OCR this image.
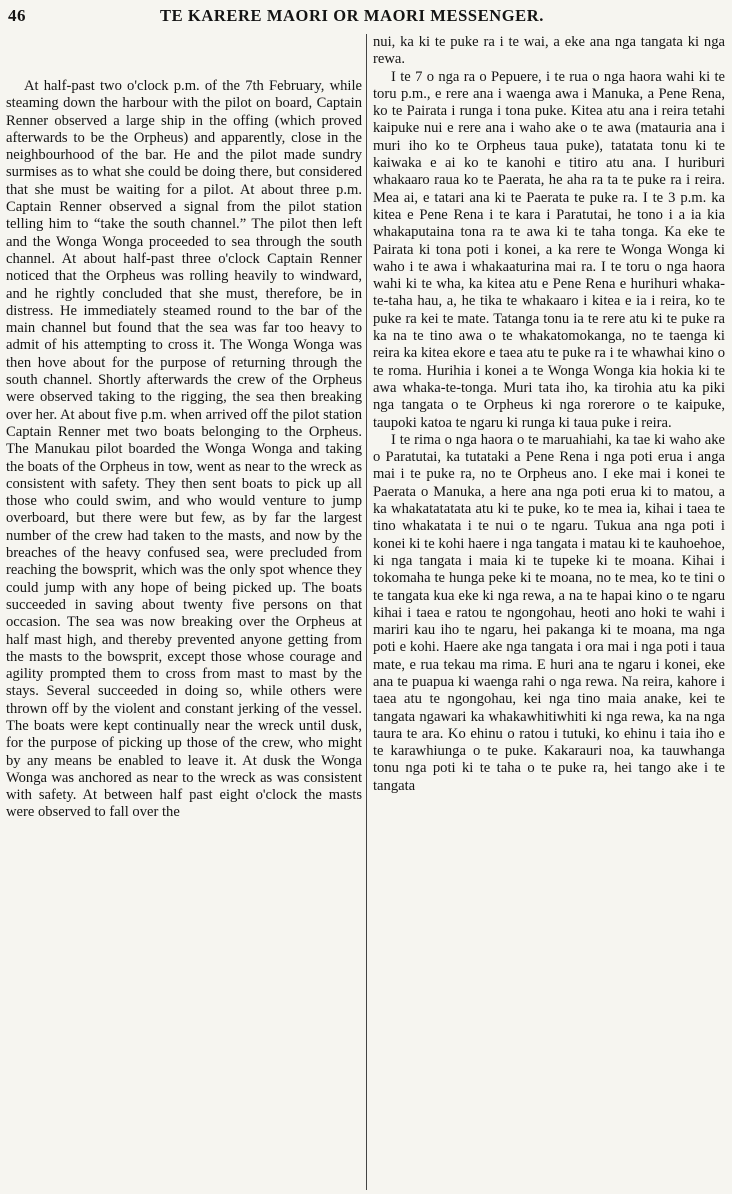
46	TE KARERE MAORI OR MAORI MESSENGER.

At half-past two o'clock p.m. of the 7th February, while steaming down the harbour with the pilot on board, Captain Renner observed a large ship in the offing (which proved afterwards to be the Orpheus) and apparently, close in the neighbourhood of the bar. He and the pilot made sundry surmises as to what she could be doing there, but considered that she must be waiting for a pilot. At about three p.m. Captain Renner observed a signal from the pilot station telling him to “take the south channel.” The pilot then left and the Wonga Wonga proceeded to sea through the south channel. At about half-past three o'clock Captain Renner noticed that the Orpheus was rolling heavily to windward, and he rightly concluded that she must, therefore, be in distress. He immediately steamed round to the bar of the main channel but found that the sea was far too heavy to admit of his attempting to cross it. The Wonga Wonga was then hove about for the purpose of returning through the south channel. Shortly afterwards the crew of the Orpheus were observed taking to the rigging, the sea then breaking over her. At about five p.m. when arrived off the pilot station Captain Renner met two boats belonging to the Orpheus. The Manukau pilot boarded the Wonga Wonga and taking the boats of the Orpheus in tow, went as near to the wreck as consistent with safety. They then sent boats to pick up all those who could swim, and who would venture to jump overboard, but there were but few, as by far the largest number of the crew had taken to the masts, and now by the breaches of the heavy confused sea, were precluded from reaching the bowsprit, which was the only spot whence they could jump with any hope of being picked up. The boats succeeded in saving about twenty five persons on that occasion. The sea was now breaking over the Orpheus at half mast high, and thereby prevented anyone getting from the masts to the bowsprit, except those whose courage and agility prompted them to cross from mast to mast by the stays. Several succeeded in doing so, while others were thrown off by the violent and constant jerking of the vessel. The boats were kept continually near the wreck until dusk, for the purpose of picking up those of the crew, who might by any means be enabled to leave it. At dusk the Wonga Wonga was anchored as near to the wreck as was consistent with safety. At between half past eight o'clock the masts were observed to fall over the

nui, ka ki te puke ra i te wai, a eke ana nga tangata ki nga rewa.

I te 7 o nga ra o Pepuere, i te rua o nga haora wahi ki te toru p.m., e rere ana i waenga awa i Manuka, a Pene Rena, ko te Pairata i runga i tona puke. Kitea atu ana i reira tetahi kaipuke nui e rere ana i waho ake o te awa (matauria ana i muri iho ko te Orpheus taua puke), tatatata tonu ki te kaiwaka e ai ko te kanohi e titiro atu ana. I huriburi whakaaro raua ko te Paerata, he aha ra ta te puke ra i reira. Mea ai, e tatari ana ki te Paerata te puke ra. I te 3 p.m. ka kitea e Pene Rena i te kara i Paratutai, he tono i a ia kia whakaputaina tona ra te awa ki te taha tonga. Ka eke te Pairata ki tona poti i konei, a ka rere te Wonga Wonga ki waho i te awa i whakaaturina mai ra. I te toru o nga haora wahi ki te wha, ka kitea atu e Pene Rena e hurihuri whaka-te-taha hau, a, he tika te whakaaro i kitea e ia i reira, ko te puke ra kei te mate. Tatanga tonu ia te rere atu ki te puke ra ka na te tino awa o te whakatomokanga, no te taenga ki reira ka kitea ekore e taea atu te puke ra i te whawhai kino o te roma. Hurihia i konei a te Wonga Wonga kia hokia ki te awa whaka-te-tonga. Muri tata iho, ka tirohia atu ka piki nga tangata o te Orpheus ki nga rorerore o te kaipuke, taupoki katoa te ngaru ki runga ki taua puke i reira.

I te rima o nga haora o te maruahiahi, ka tae ki waho ake o Paratutai, ka tutataki a Pene Rena i nga poti erua i anga mai i te puke ra, no te Orpheus ano. I eke mai i konei te Paerata o Manuka, a here ana nga poti erua ki to matou, a ka whakatatatata atu ki te puke, ko te mea ia, kihai i taea te tino whakatata i te nui o te ngaru. Tukua ana nga poti i konei ki te kohi haere i nga tangata i matau ki te kauhoehoe, ki nga tangata i maia ki te tupeke ki te moana. Kihai i tokomaha te hunga peke ki te moana, no te mea, ko te tini o te tangata kua eke ki nga rewa, a na te hapai kino o te ngaru kihai i taea e ratou te ngongohau, heoti ano hoki te wahi i mariri kau iho te ngaru, hei pakanga ki te moana, ma nga poti e kohi. Haere ake nga tangata i ora mai i nga poti i taua mate, e rua tekau ma rima. E huri ana te ngaru i konei, eke ana te puapua ki waenga rahi o nga rewa. Na reira, kahore i taea atu te ngongohau, kei nga tino maia anake, kei te tangata ngawari ka whakawhitiwhiti ki nga rewa, ka na nga taura te ara. Ko ehinu o ratou i tutuki, ko ehinu i taia iho e te karawhiunga o te puke. Kakarauri noa, ka tauwhanga tonu nga poti ki te taha o te puke ra, hei tango ake i te tangata
